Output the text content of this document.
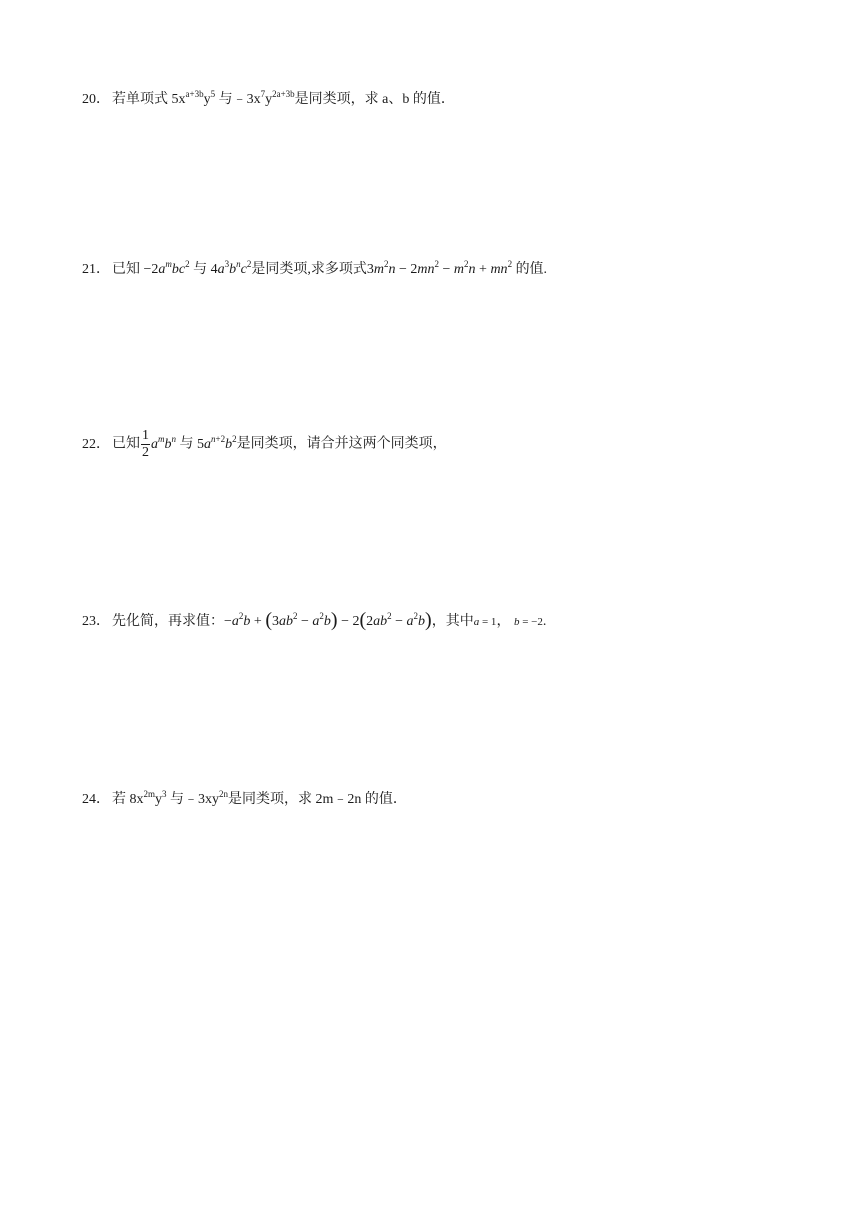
20． 若单项式 $5x^{a+3b}y^5$ 与$﹣3x^7y^{2a+3b}$是同类项，求 a、b 的值．
21． 已知 $-2a^mbc^2$ 与 $4a^3b^nc^2$是同类项,求多项式$3m^2n - 2mn^2 - m^2n + mn^2$ 的值.
22． 已知 $\frac{1}{2} a^mb^n$ 与 $5a^{n+2}b^2$是同类项，请合并这两个同类项，
23． 先化简，再求值：$-a^2b + (3ab^2 - a^2b) - 2(2ab^2 - a^2b)$，其中a = 1， b = −2.
24． 若 $8x^{2m}y^3$ 与$﹣3xy^{2n}$是同类项，求 2m﹣2n 的值．
